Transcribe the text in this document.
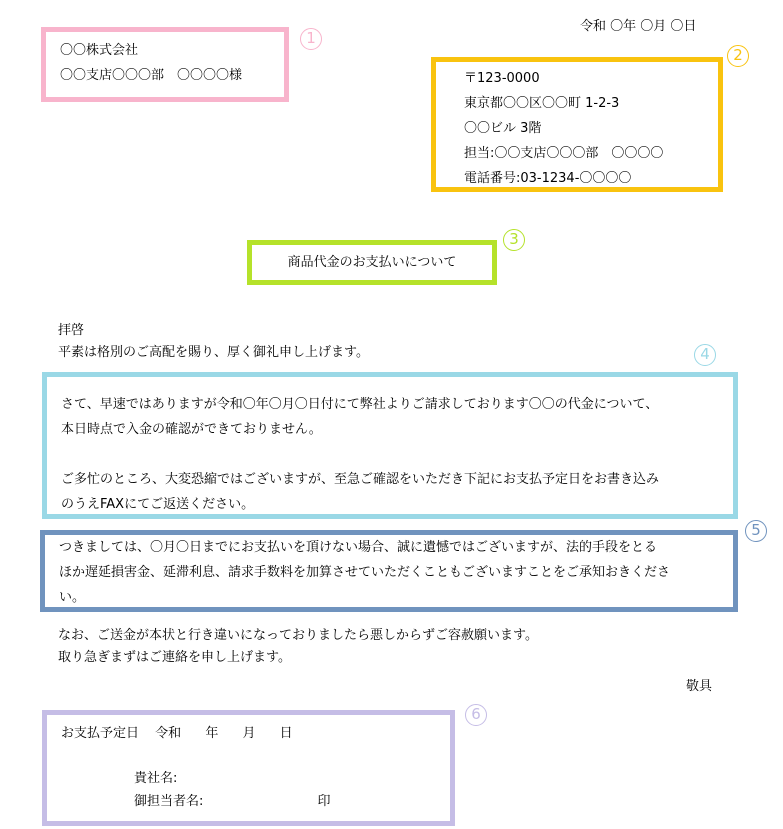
令和 〇年 〇月 〇日
〇〇株式会社
〇〇支店〇〇〇部　〇〇〇〇様
1
〒123-0000
東京都〇〇区〇〇町 1-2-3
〇〇ビル 3階
担当:〇〇支店〇〇〇部　〇〇〇〇
電話番号:03-1234-〇〇〇〇
2
商品代金のお支払いについて
3
拝啓
平素は格別のご高配を賜り、厚く御礼申し上げます。	4
さて、早速ではありますが令和〇年〇月〇日付にて弊社よりご請求しております〇〇の代金について、
本日時点で入金の確認ができておりません。
ご多忙のところ、大変恐縮ではございますが、至急ご確認をいただき下記にお支払予定日をお書き込み
のうえFAXにてご返送ください。
つきましては、〇月〇日までにお支払いを頂けない場合、誠に遺憾ではございますが、法的手段をとる
ほか遅延損害金、延滞利息、請求手数料を加算させていただくこともございますことをご承知おきくださ
い。
5
なお、ご送金が本状と行き違いになっておりましたら悪しからずご容赦願います。
取り急ぎまずはご連絡を申し上げます。
敬具
お支払予定日 令和 年 月 日
貴社名:
御担当者名:	印
6
